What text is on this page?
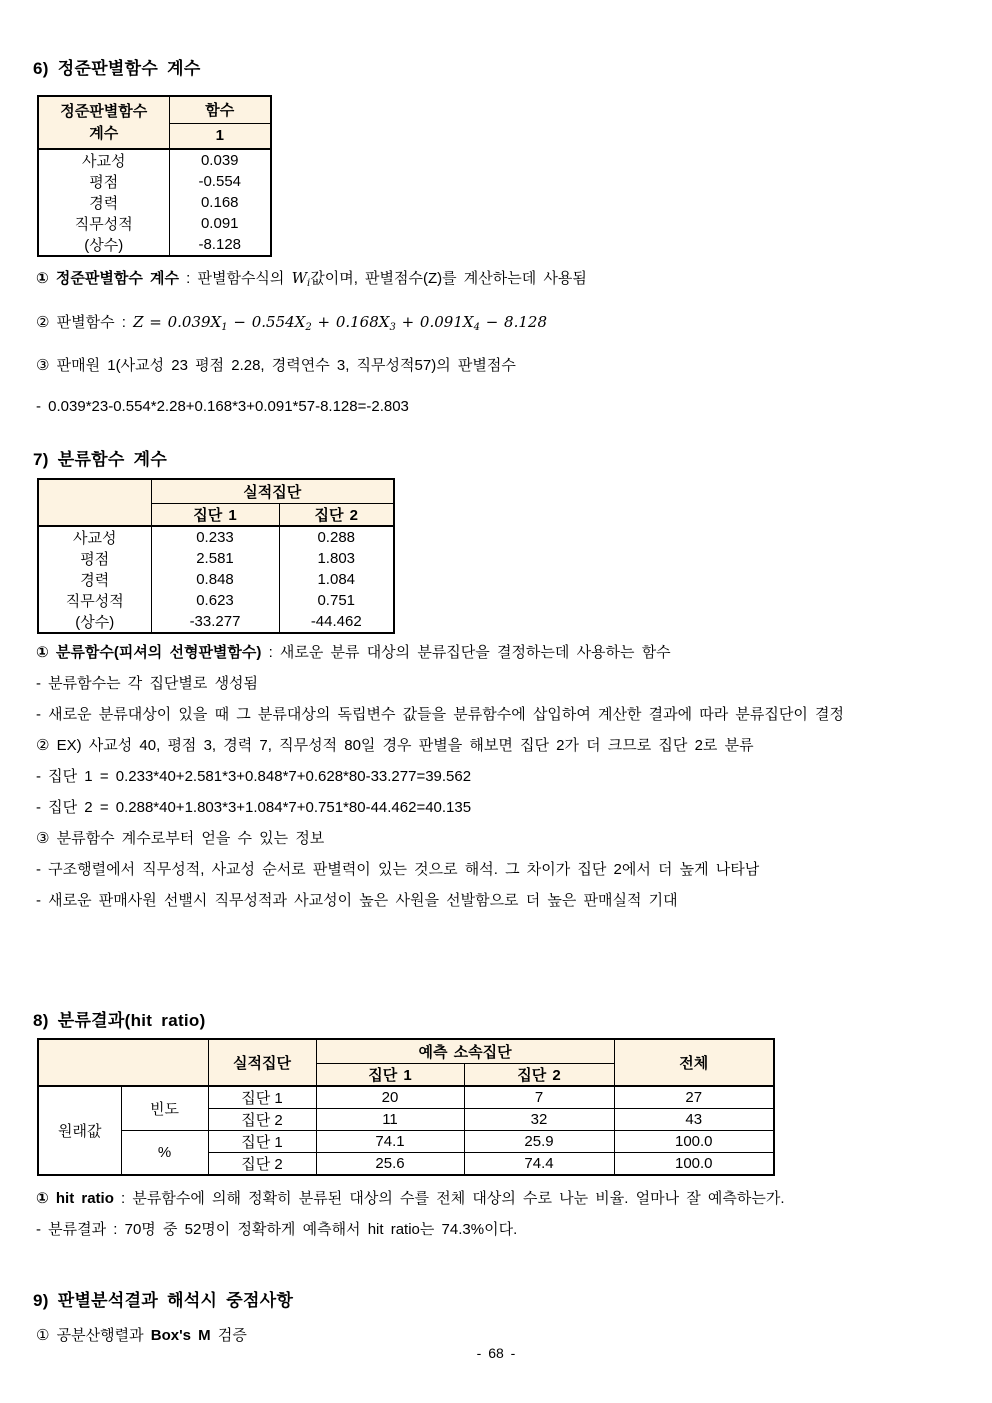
6) 정준판별함수 계수
정준판별함수
계수	함수
	1
사교성	0.039
평점	-0.554
경력	0.168
직무성적	0.091
(상수)	-8.128

① 정준판별함수 계수 : 판별함수식의 $W_i$값이며, 판별점수(Z)를 계산하는데 사용됨

② 판별함수 : $Z = 0.039X_1 - 0.554X_2 + 0.168X_3 + 0.091X_4 - 8.128$

③ 판매원 1(사교성 23 평점 2.28, 경력연수 3, 직무성적57)의 판별점수

- 0.039*23-0.554*2.28+0.168*3+0.091*57-8.128=-2.803

7) 분류함수 계수
	실적집단	
	집단 1	집단 2
사교성	0.233	0.288
평점	2.581	1.803
경력	0.848	1.084
직무성적	0.623	0.751
(상수)	-33.277	-44.462

① 분류함수(피셔의 선형판별함수) : 새로운 분류 대상의 분류집단을 결정하는데 사용하는 함수

- 분류함수는 각 집단별로 생성됨

- 새로운 분류대상이 있을 때 그 분류대상의 독립변수 값들을 분류함수에 삽입하여 계산한 결과에 따라 분류집단이 결정

② EX) 사교성 40, 평점 3, 경력 7, 직무성적 80일 경우 판별을 해보면 집단 2가 더 크므로 집단 2로 분류

- 집단 1 = 0.233*40+2.581*3+0.848*7+0.628*80-33.277=39.562

- 집단 2 = 0.288*40+1.803*3+1.084*7+0.751*80-44.462=40.135

③ 분류함수 계수로부터 얻을 수 있는 정보

- 구조행렬에서 직무성적, 사교성 순서로 판별력이 있는 것으로 해석. 그 차이가 집단 2에서 더 높게 나타남

- 새로운 판매사원 선밸시 직무성적과 사교성이 높은 사원을 선발함으로 더 높은 판매실적 기대

8) 분류결과(hit ratio)
		실적집단	예측 소속집단		전체
			집단 1	집단 2	
원래값	빈도	집단 1	20	7	27
		집단 2	11	32	43
	%	집단 1	74.1	25.9	100.0
		집단 2	25.6	74.4	100.0

① hit ratio : 분류함수에 의해 정확히 분류된 대상의 수를 전체 대상의 수로 나눈 비율. 얼마나 잘 예측하는가.

- 분류결과 : 70명 중 52명이 정확하게 예측해서 hit ratio는 74.3%이다.

9) 판별분석결과 해석시 중점사항

① 공분산행렬과 Box's M 검증

- 68 -
